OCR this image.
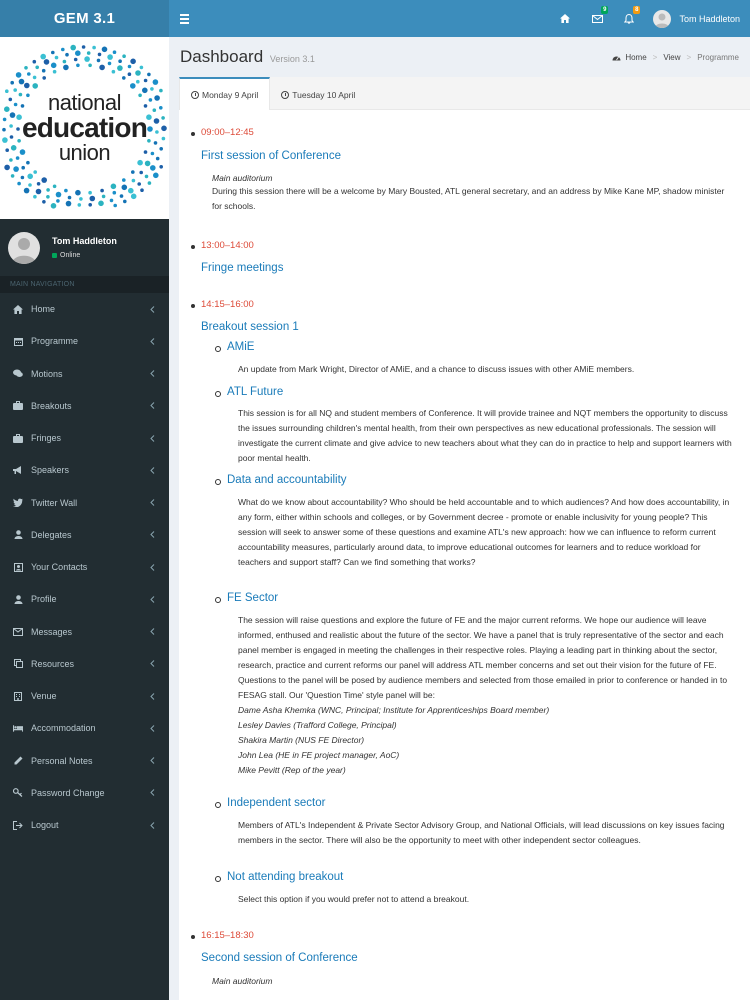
GEM 3.1	9	8
Tom Haddleton
national
education
union
Tom Haddleton
Online
MAIN NAVIGATION
Home
Programme
Motions
Breakouts
Fringes
Speakers
Twitter Wall
Delegates
Your Contacts
Profile
Messages
Resources
Venue
Accommodation
Personal Notes
Password Change
Logout
Dashboard Version 3.1	Home > View > Programme
Monday 9 April	Tuesday 10 April
09:00–12:45
First session of Conference
Main auditorium
During this session there will be a welcome by Mary Bousted, ATL general secretary, and an address by Mike Kane MP, shadow minister for schools.
13:00–14:00
Fringe meetings
14:15–16:00
Breakout session 1
AMiE
An update from Mark Wright, Director of AMiE, and a chance to discuss issues with other AMiE members.
ATL Future
This session is for all NQ and student members of Conference. It will provide trainee and NQT members the opportunity to discuss the issues surrounding children's mental health, from their own perspectives as new educational professionals. The session will investigate the current climate and give advice to new teachers about what they can do in practice to help and support learners with poor mental health.
Data and accountability
What do we know about accountability? Who should be held accountable and to which audiences? And how does accountability, in any form, either within schools and colleges, or by Government decree - promote or enable inclusivity for young people? This session will seek to answer some of these questions and examine ATL's new approach: how we can influence to reform current accountability measures, particularly around data, to improve educational outcomes for learners and to reduce workload for teachers and support staff? Can we find something that works?
FE Sector
The session will raise questions and explore the future of FE and the major current reforms. We hope our audience will leave informed, enthused and realistic about the future of the sector. We have a panel that is truly representative of the sector and each panel member is engaged in meeting the challenges in their respective roles. Playing a leading part in thinking about the sector, research, practice and current reforms our panel will address ATL member concerns and set out their vision for the future of FE. Questions to the panel will be posed by audience members and selected from those emailed in prior to conference or handed in to FESAG stall. Our 'Question Time' style panel will be:
Dame Asha Khemka (WNC, Principal; Institute for Apprenticeships Board member)
Lesley Davies (Trafford College, Principal)
Shakira Martin (NUS FE Director)
John Lea (HE in FE project manager, AoC)
Mike Pevitt (Rep of the year)
Independent sector
Members of ATL's Independent & Private Sector Advisory Group, and National Officials, will lead discussions on key issues facing members in the sector. There will also be the opportunity to meet with other independent sector colleagues.
Not attending breakout
Select this option if you would prefer not to attend a breakout.
16:15–18:30
Second session of Conference
Main auditorium
